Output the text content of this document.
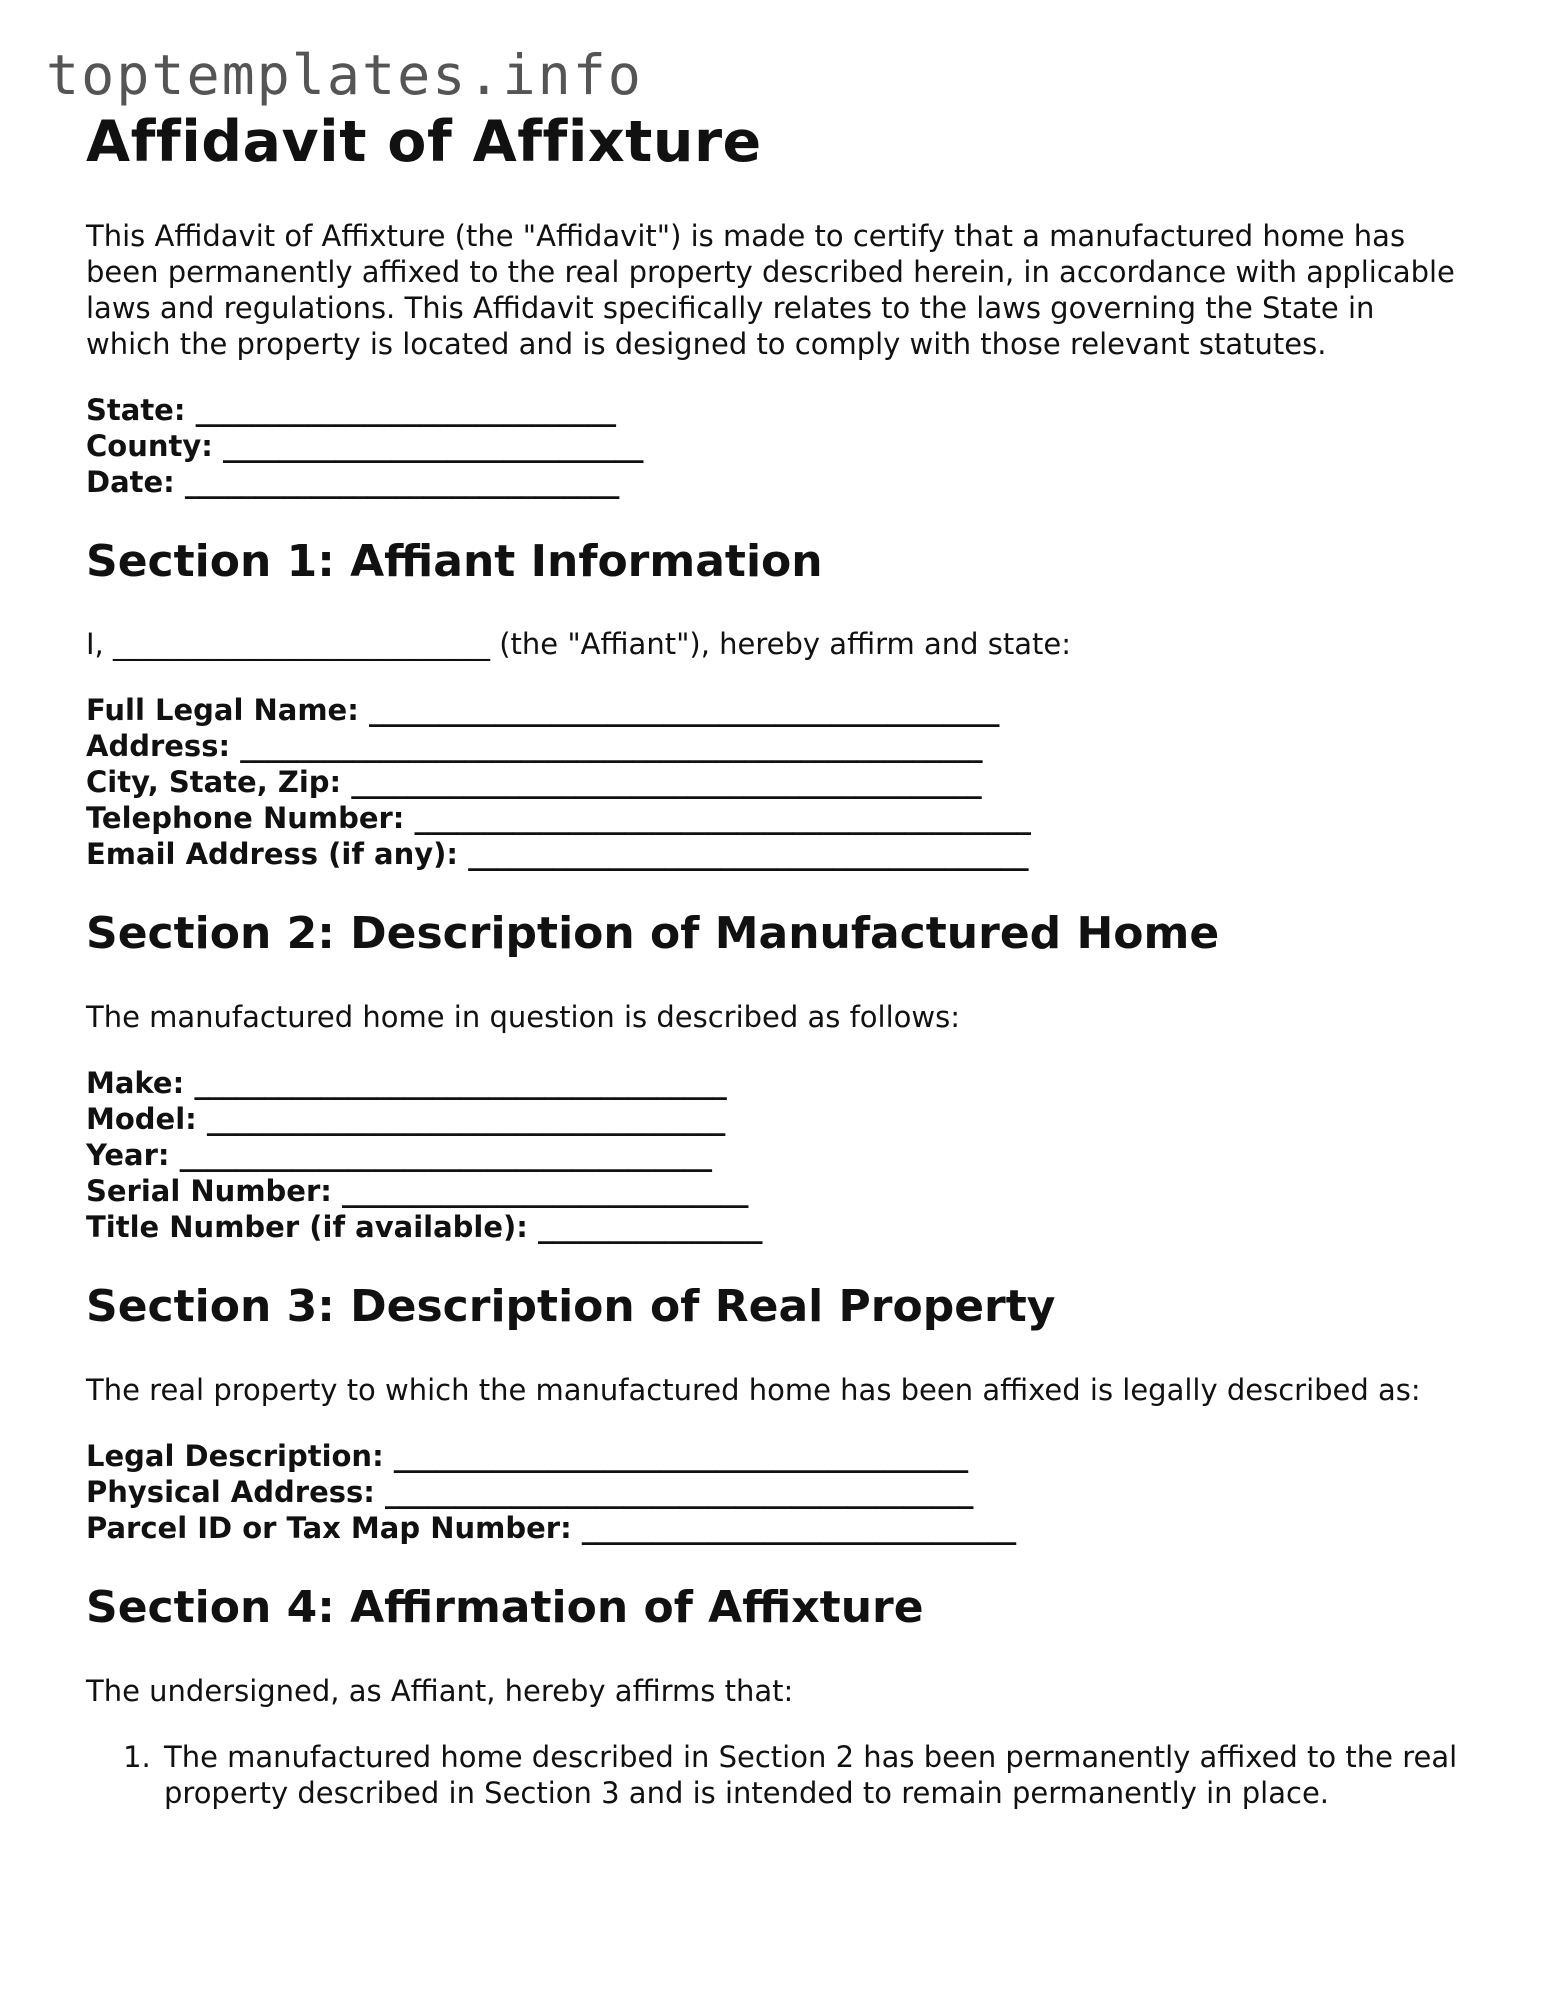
toptemplates.info
Affidavit of Affixture

This Affidavit of Affixture (the "Affidavit") is made to certify that a manufactured home has been permanently affixed to the real property described herein, in accordance with applicable laws and regulations. This Affidavit specifically relates to the laws governing the State in which the property is located and is designed to comply with those relevant statutes.

State: ______________________________
County: ______________________________
Date: _______________________________
Section 1: Affiant Information

I, __________________________ (the "Affiant"), hereby affirm and state:

Full Legal Name: _____________________________________________
Address: _____________________________________________________
City, State, Zip: _____________________________________________
Telephone Number: ____________________________________________
Email Address (if any): ________________________________________
Section 2: Description of Manufactured Home

The manufactured home in question is described as follows:

Make: ______________________________________
Model: _____________________________________
Year: ______________________________________
Serial Number: _____________________________
Title Number (if available): ________________
Section 3: Description of Real Property

The real property to which the manufactured home has been affixed is legally described as:

Legal Description: _________________________________________
Physical Address: __________________________________________
Parcel ID or Tax Map Number: _______________________________
Section 4: Affirmation of Affixture

The undersigned, as Affiant, hereby affirms that:

1. The manufactured home described in Section 2 has been permanently affixed to the real property described in Section 3 and is intended to remain permanently in place.
